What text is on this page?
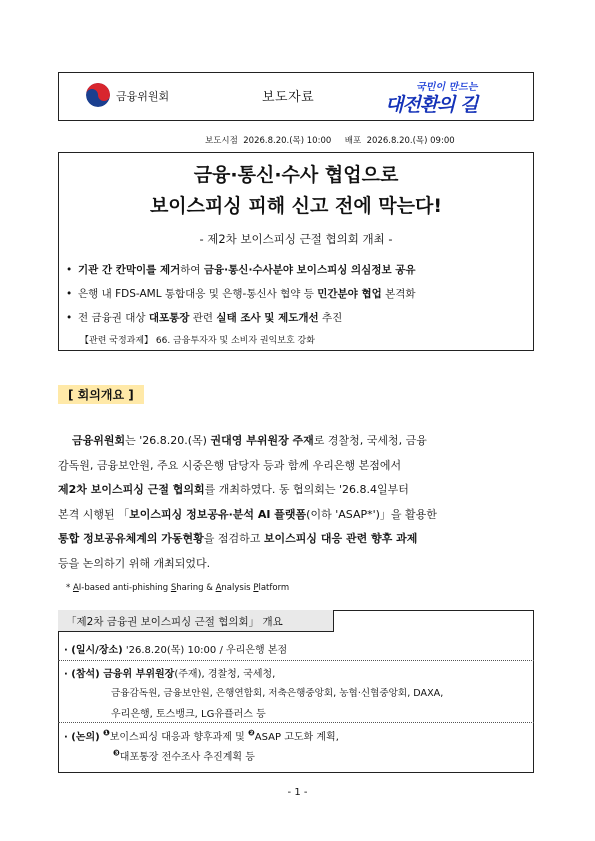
금융위원회	보도자료
국민이 만드는
대전환의 길
보도시점 2026.8.20.(목) 10:00 배포 2026.8.20.(목) 09:00
금융·통신·수사 협업으로
보이스피싱 피해 신고 전에 막는다!
- 제2차 보이스피싱 근절 협의회 개최 -
• 기관 간 칸막이를 제거하여 금융·통신·수사분야 보이스피싱 의심정보 공유
• 은행 내 FDS-AML 통합대응 및 은행-통신사 협약 등 민간분야 협업 본격화
• 전 금융권 대상 대포통장 관련 실태 조사 및 제도개선 추진
【관련 국정과제】 66. 금융투자자 및 소비자 권익보호 강화
[ 회의개요 ]

금융위원회는 '26.8.20.(목) 권대영 부위원장 주재로 경찰청, 국세청, 금융

감독원, 금융보안원, 주요 시중은행 담당자 등과 함께 우리은행 본점에서

제2차 보이스피싱 근절 협의회를 개최하였다. 동 협의회는 '26.8.4일부터

본격 시행된 「보이스피싱 정보공유·분석 AI 플랫폼(이하 'ASAP*')」을 활용한

통합 정보공유체계의 가동현황을 점검하고 보이스피싱 대응 관련 향후 과제

등을 논의하기 위해 개최되었다.

* AI-based anti-phishing Sharing & Analysis Platform
「제2차 금융권 보이스피싱 근절 협의회」 개요
· (일시/장소) '26.8.20(목) 10:00 / 우리은행 본점
· (참석) 금융위 부위원장(주재), 경찰청, 국세청,
금융감독원, 금융보안원, 은행연합회, 저축은행중앙회, 농협·신협중앙회, DAXA,
우리은행, 토스뱅크, LG유플러스 등
· (논의) $^❶$보이스피싱 대응과 향후과제 및 $^❷$ASAP 고도화 계획,
$^❸$대포통장 전수조사 추진계획 등
- 1 -
